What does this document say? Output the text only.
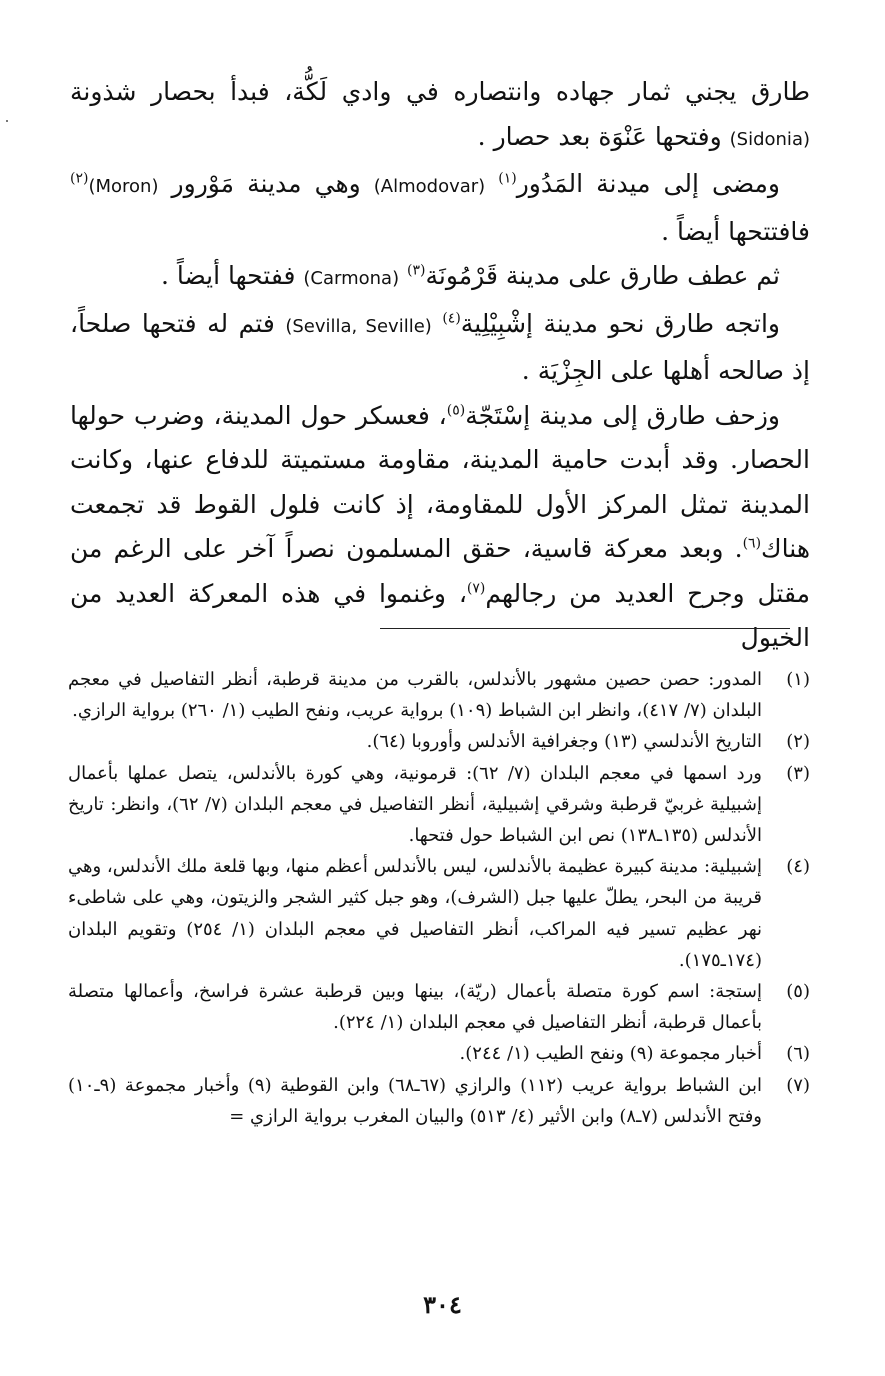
طارق يجني ثمار جهاده وانتصاره في وادي لَكُّة، فبدأ بحصار شذونة (Sidonia) وفتحها عَنْوَة بعد حصار .

ومضى إلى ميدنة المَدُور$^{(١)}$ (Almodovar) وهي مدينة مَوْرور (Moron)$^{(٢)}$ فافتتحها أيضاً .

ثم عطف طارق على مدينة قَرْمُونَة$^{(٣)}$ (Carmona) ففتحها أيضاً .

واتجه طارق نحو مدينة إشْبِيْلِية$^{(٤)}$ (Sevilla, Seville) فتم له فتحها صلحاً، إذ صالحه أهلها على الجِزْيَة .

وزحف طارق إلى مدينة إسْتَجّة$^{(٥)}$، فعسكر حول المدينة، وضرب حولها الحصار. وقد أبدت حامية المدينة، مقاومة مستميتة للدفاع عنها، وكانت المدينة تمثل المركز الأول للمقاومة، إذ كانت فلول القوط قد تجمعت هناك$^{(٦)}$. وبعد معركة قاسية، حقق المسلمون نصراً آخر على الرغم من مقتل وجرح العديد من رجالهم$^{(٧)}$، وغنموا في هذه المعركة العديد من الخيول

(١)
المدور: حصن حصين مشهور بالأندلس، بالقرب من مدينة قرطبة، أنظر التفاصيل في معجم البلدان (٧/ ٤١٧)، وانظر ابن الشباط (١٠٩) برواية عريب، ونفح الطيب (١/ ٢٦٠) برواية الرازي.
(٢)
التاريخ الأندلسي (١٣) وجغرافية الأندلس وأوروبا (٦٤).
(٣)
ورد اسمها في معجم البلدان (٧/ ٦٢): قرمونية، وهي كورة بالأندلس، يتصل عملها بأعمال إشبيلية غربيّ قرطبة وشرقي إشبيلية، أنظر التفاصيل في معجم البلدان (٧/ ٦٢)، وانظر: تاريخ الأندلس (١٣٥ـ١٣٨) نص ابن الشباط حول فتحها.
(٤)
إشبيلية: مدينة كبيرة عظيمة بالأندلس، ليس بالأندلس أعظم منها، وبها قلعة ملك الأندلس، وهي قريبة من البحر، يطلّ عليها جبل (الشرف)، وهو جبل كثير الشجر والزيتون، وهي على شاطىء نهر عظيم تسير فيه المراكب، أنظر التفاصيل في معجم البلدان (١/ ٢٥٤) وتقويم البلدان (١٧٤ـ١٧٥).
(٥)
إستجة: اسم كورة متصلة بأعمال (ريّة)، بينها وبين قرطبة عشرة فراسخ، وأعمالها متصلة بأعمال قرطبة، أنظر التفاصيل في معجم البلدان (١/ ٢٢٤).
(٦)
أخبار مجموعة (٩) ونفح الطيب (١/ ٢٤٤).
(٧)
ابن الشباط برواية عريب (١١٢) والرازي (٦٧ـ٦٨) وابن القوطية (٩) وأخبار مجموعة (٩ـ١٠) وفتح الأندلس (٧ـ٨) وابن الأثير (٤/ ٥١٣) والبيان المغرب برواية الرازي =
٣٠٤
